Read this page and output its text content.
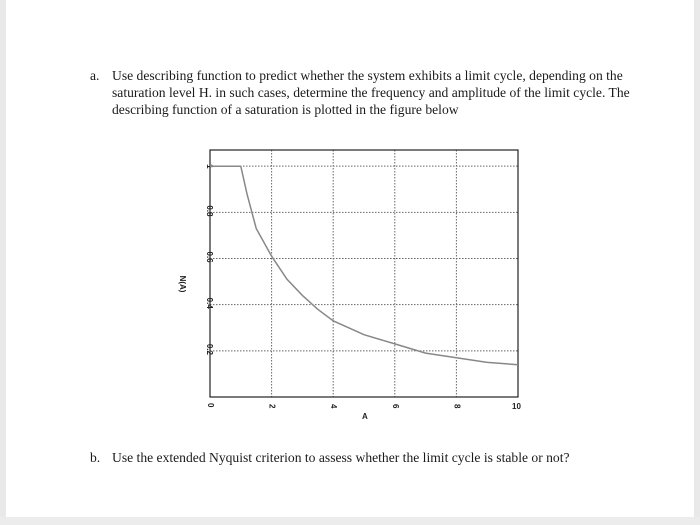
a. Use describing function to predict whether the system exhibits a limit cycle, depending on the saturation level H. in such cases, determine the frequency and amplitude of the limit cycle. The describing function of a saturation is plotted in the figure below
0	2	4	6	8	10
0.2
0.4
0.6
0.8
1
A
N(A)
b. Use the extended Nyquist criterion to assess whether the limit cycle is stable or not?
